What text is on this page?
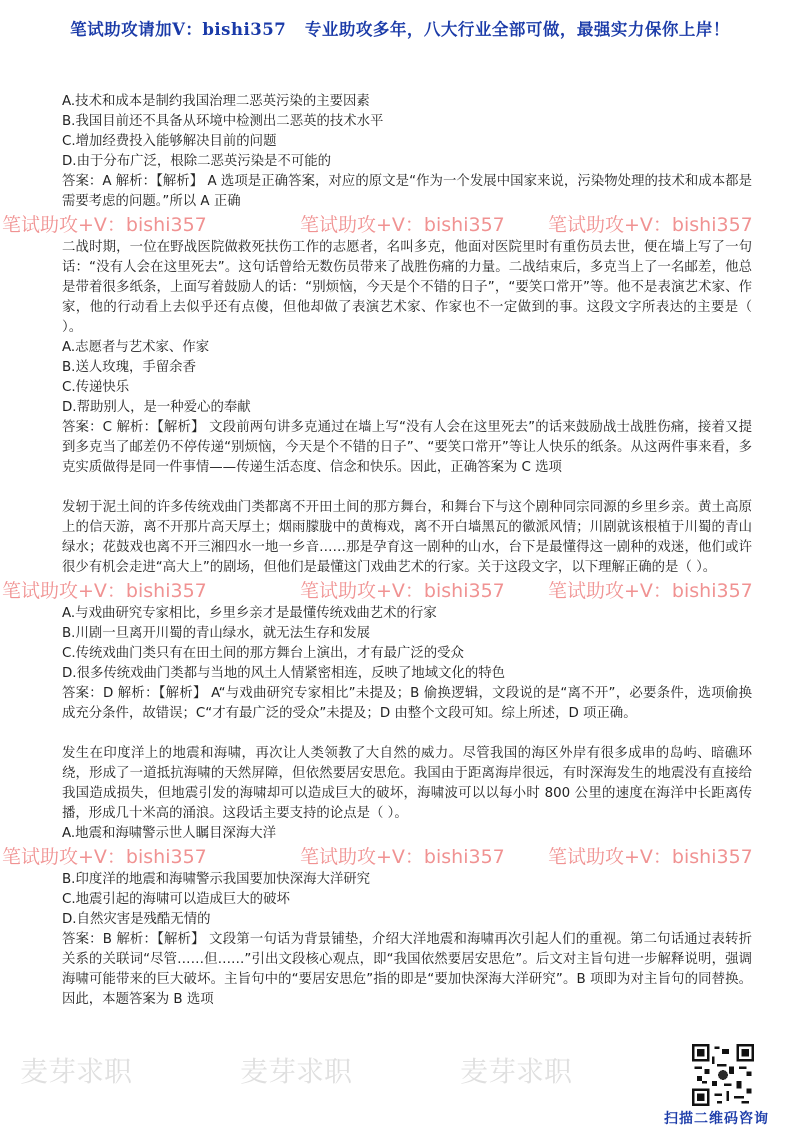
笔试助攻请加V：bishi357   专业助攻多年，八大行业全部可做，最强实力保你上岸！

A.技术和成本是制约我国治理二恶英污染的主要因素

B.我国目前还不具备从环境中检测出二恶英的技术水平

C.增加经费投入能够解决目前的问题

D.由于分布广泛，根除二恶英污染是不可能的

答案：A 解析：【解析】 A 选项是正确答案，对应的原文是“作为一个发展中国家来说，污染物处理的技术和成本都是需要考虑的问题。”所以 A 正确

笔试助攻+V：bishi357	笔试助攻+V：bishi357 笔试助攻+V：bishi357

二战时期，一位在野战医院做救死扶伤工作的志愿者，名叫多克，他面对医院里时有重伤员去世，便在墙上写了一句话：“没有人会在这里死去”。这句话曾给无数伤员带来了战胜伤痛的力量。二战结束后，多克当上了一名邮差，他总是带着很多纸条，上面写着鼓励人的话：“别烦恼，今天是个不错的日子”，“要笑口常开”等。他不是表演艺术家、作家，他的行动看上去似乎还有点傻，但他却做了表演艺术家、作家也不一定做到的事。这段文字所表达的主要是（ ）。

A.志愿者与艺术家、作家

B.送人玫瑰，手留余香

C.传递快乐

D.帮助别人，是一种爱心的奉献

答案：C 解析：【解析】 文段前两句讲多克通过在墙上写“没有人会在这里死去”的话来鼓励战士战胜伤痛，接着又提到多克当了邮差仍不停传递“别烦恼，今天是个不错的日子”、“要笑口常开”等让人快乐的纸条。从这两件事来看，多克实质做得是同一件事情——传递生活态度、信念和快乐。因此，正确答案为 C 选项

发轫于泥土间的许多传统戏曲门类都离不开田土间的那方舞台，和舞台下与这个剧种同宗同源的乡里乡亲。黄土高原上的信天游，离不开那片高天厚土；烟雨朦胧中的黄梅戏，离不开白墙黑瓦的徽派风情；川剧就该根植于川蜀的青山绿水；花鼓戏也离不开三湘四水一地一乡音……那是孕育这一剧种的山水，台下是最懂得这一剧种的戏迷，他们或许很少有机会走进“高大上”的剧场，但他们是最懂这门戏曲艺术的行家。关于这段文字，以下理解正确的是（ ）。

笔试助攻+V：bishi357	笔试助攻+V：bishi357 笔试助攻+V：bishi357

A.与戏曲研究专家相比，乡里乡亲才是最懂传统戏曲艺术的行家

B.川剧一旦离开川蜀的青山绿水，就无法生存和发展

C.传统戏曲门类只有在田土间的那方舞台上演出，才有最广泛的受众

D.很多传统戏曲门类都与当地的风土人情紧密相连，反映了地域文化的特色

答案：D 解析：【解析】 A“与戏曲研究专家相比”未提及；B 偷换逻辑，文段说的是“离不开”，必要条件，选项偷换成充分条件，故错误；C“才有最广泛的受众”未提及；D 由整个文段可知。综上所述，D 项正确。

发生在印度洋上的地震和海啸，再次让人类领教了大自然的威力。尽管我国的海区外岸有很多成串的岛屿、暗礁环绕，形成了一道抵抗海啸的天然屏障，但依然要居安思危。我国由于距离海岸很远，有时深海发生的地震没有直接给我国造成损失，但地震引发的海啸却可以造成巨大的破坏，海啸波可以以每小时 800 公里的速度在海洋中长距离传播，形成几十米高的涌浪。这段话主要支持的论点是（ ）。

A.地震和海啸警示世人瞩目深海大洋

笔试助攻+V：bishi357	笔试助攻+V：bishi357 笔试助攻+V：bishi357

B.印度洋的地震和海啸警示我国要加快深海大洋研究

C.地震引起的海啸可以造成巨大的破坏

D.自然灾害是残酷无情的

答案：B 解析：【解析】 文段第一句话为背景铺垫，介绍大洋地震和海啸再次引起人们的重视。第二句话通过表转折关系的关联词“尽管……但……”引出文段核心观点，即“我国依然要居安思危”。后文对主旨句进一步解释说明，强调海啸可能带来的巨大破坏。主旨句中的“要居安思危”指的即是“要加快深海大洋研究”。B 项即为对主旨句的同替换。因此，本题答案为 B 选项

麦芽求职	麦芽求职	麦芽求职
扫描二维码咨询
